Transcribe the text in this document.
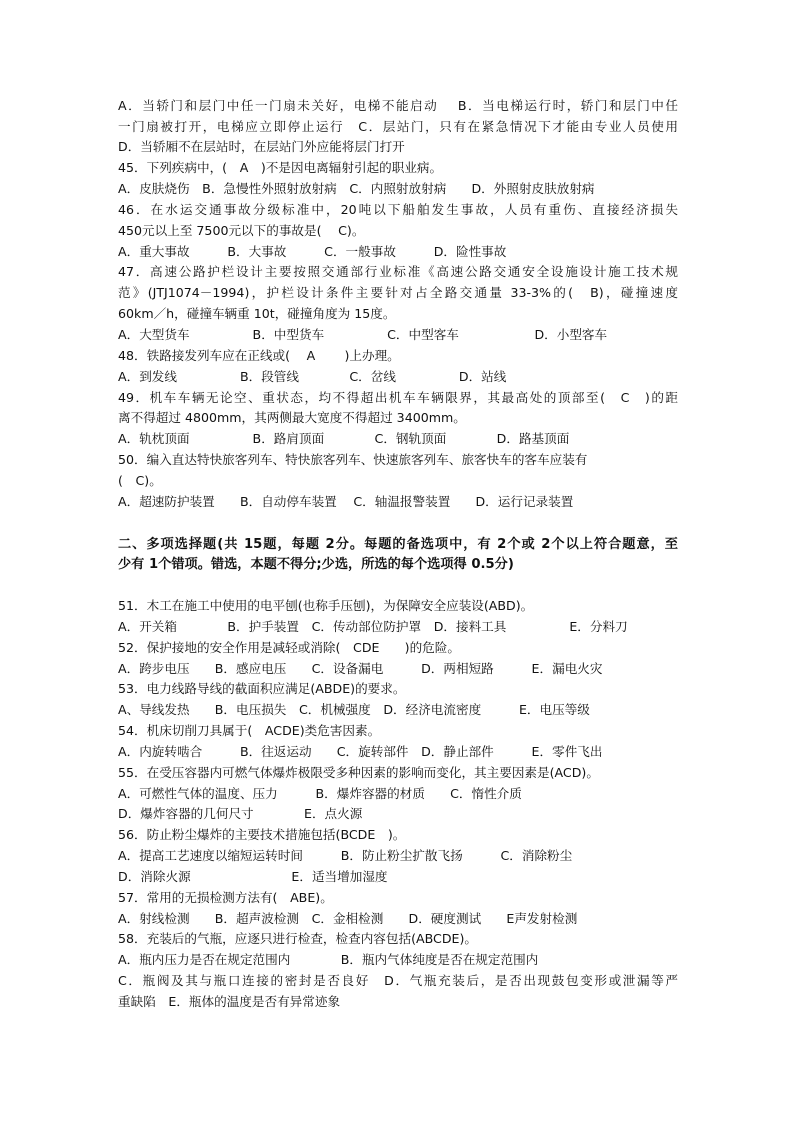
A．当轿门和层门中任一门扇未关好，电梯不能启动　 B．当电梯运行时，轿门和层门中任
一门扇被打开，电梯应立即停止运行　C．层站门，只有在紧急情况下才能由专业人员使用
D．当轿厢不在层站时，在层站门外应能将层门打开
45．下列疾病中，(　A　)不是因电离辐射引起的职业病。
A．皮肤烧伤　B．急慢性外照射放射病　C．内照射放射病　　D．外照射皮肤放射病
46．在水运交通事故分级标准中，20吨以下船舶发生事故，人员有重伤、直接经济损失
450元以上至 7500元以下的事故是(　 C)。
A．重大事故　　　B．大事故　　　C．一般事故　　　D．险性事故
47．高速公路护栏设计主要按照交通部行业标准《高速公路交通安全设施设计施工技术规
范》(JTJ1074－1994)，护栏设计条件主要针对占全路交通量 33-3%的(　B)，碰撞速度
60km／h，碰撞车辆重 10t，碰撞角度为 15度。
A．大型货车　　　　　B．中型货车　　　　　C．中型客车　　　　　　D．小型客车
48．铁路接发列车应在正线或(　 A　　 )上办理。
A．到发线　　　　　B．段管线　　　　C．岔线　　　　　D．站线
49．机车车辆无论空、重状态，均不得超出机车车辆限界，其最高处的顶部至(　C　)的距
离不得超过 4800mm，其两侧最大宽度不得超过 3400mm。
A．轨枕顶面　　　　　B．路肩顶面　　　　C．钢轨顶面　　　　D．路基顶面
50．编入直达特快旅客列车、特快旅客列车、快速旅客列车、旅客快车的客车应装有
(　C)。
A．超速防护装置　　B．自动停车装置　 C．轴温报警装置　　D．运行记录装置
二、多项选择题(共 15题，每题 2分。每题的备选项中，有 2个或 2个以上符合题意，至
少有 1个错项。错选，本题不得分;少选，所选的每个选项得 0.5分)
51．木工在施工中使用的电平刨(也称手压刨)，为保障安全应装设(ABD)。
A．开关箱　　　　B．护手装置　C．传动部位防护罩　D．接料工具　　　　　E．分料刀
52．保护接地的安全作用是减轻或消除(　CDE　　)的危险。
A．跨步电压　　B．感应电压　　C．设备漏电　　　D．两相短路　　　E．漏电火灾
53．电力线路导线的截面积应满足(ABDE)的要求。
A、导线发热　　B．电压损失　C．机械强度　D．经济电流密度　　　E．电压等级
54．机床切削刀具属于(　ACDE)类危害因素。
A．内旋转啮合　　　B．往返运动　　C．旋转部件　D．静止部件　　　E．零件飞出
55．在受压容器内可燃气体爆炸极限受多种因素的影响而变化，其主要因素是(ACD)。
A．可燃性气体的温度、压力　　　B．爆炸容器的材质　　C．惰性介质
D．爆炸容器的几何尺寸　　　　E．点火源
56．防止粉尘爆炸的主要技术措施包括(BCDE　)。
A．提高工艺速度以缩短运转时间　　　B．防止粉尘扩散飞扬　　　C．消除粉尘
D．消除火源　　　　　　　　E．适当增加湿度
57．常用的无损检测方法有(　ABE)。
A．射线检测　　B．超声波检测　C．金相检测　　D．硬度测试　　E声发射检测
58．充装后的气瓶，应逐只进行检查，检查内容包括(ABCDE)。
A．瓶内压力是否在规定范围内　　　　B．瓶内气体纯度是否在规定范围内
C．瓶阀及其与瓶口连接的密封是否良好　D．气瓶充装后，是否出现鼓包变形或泄漏等严
重缺陷　E．瓶体的温度是否有异常迹象
